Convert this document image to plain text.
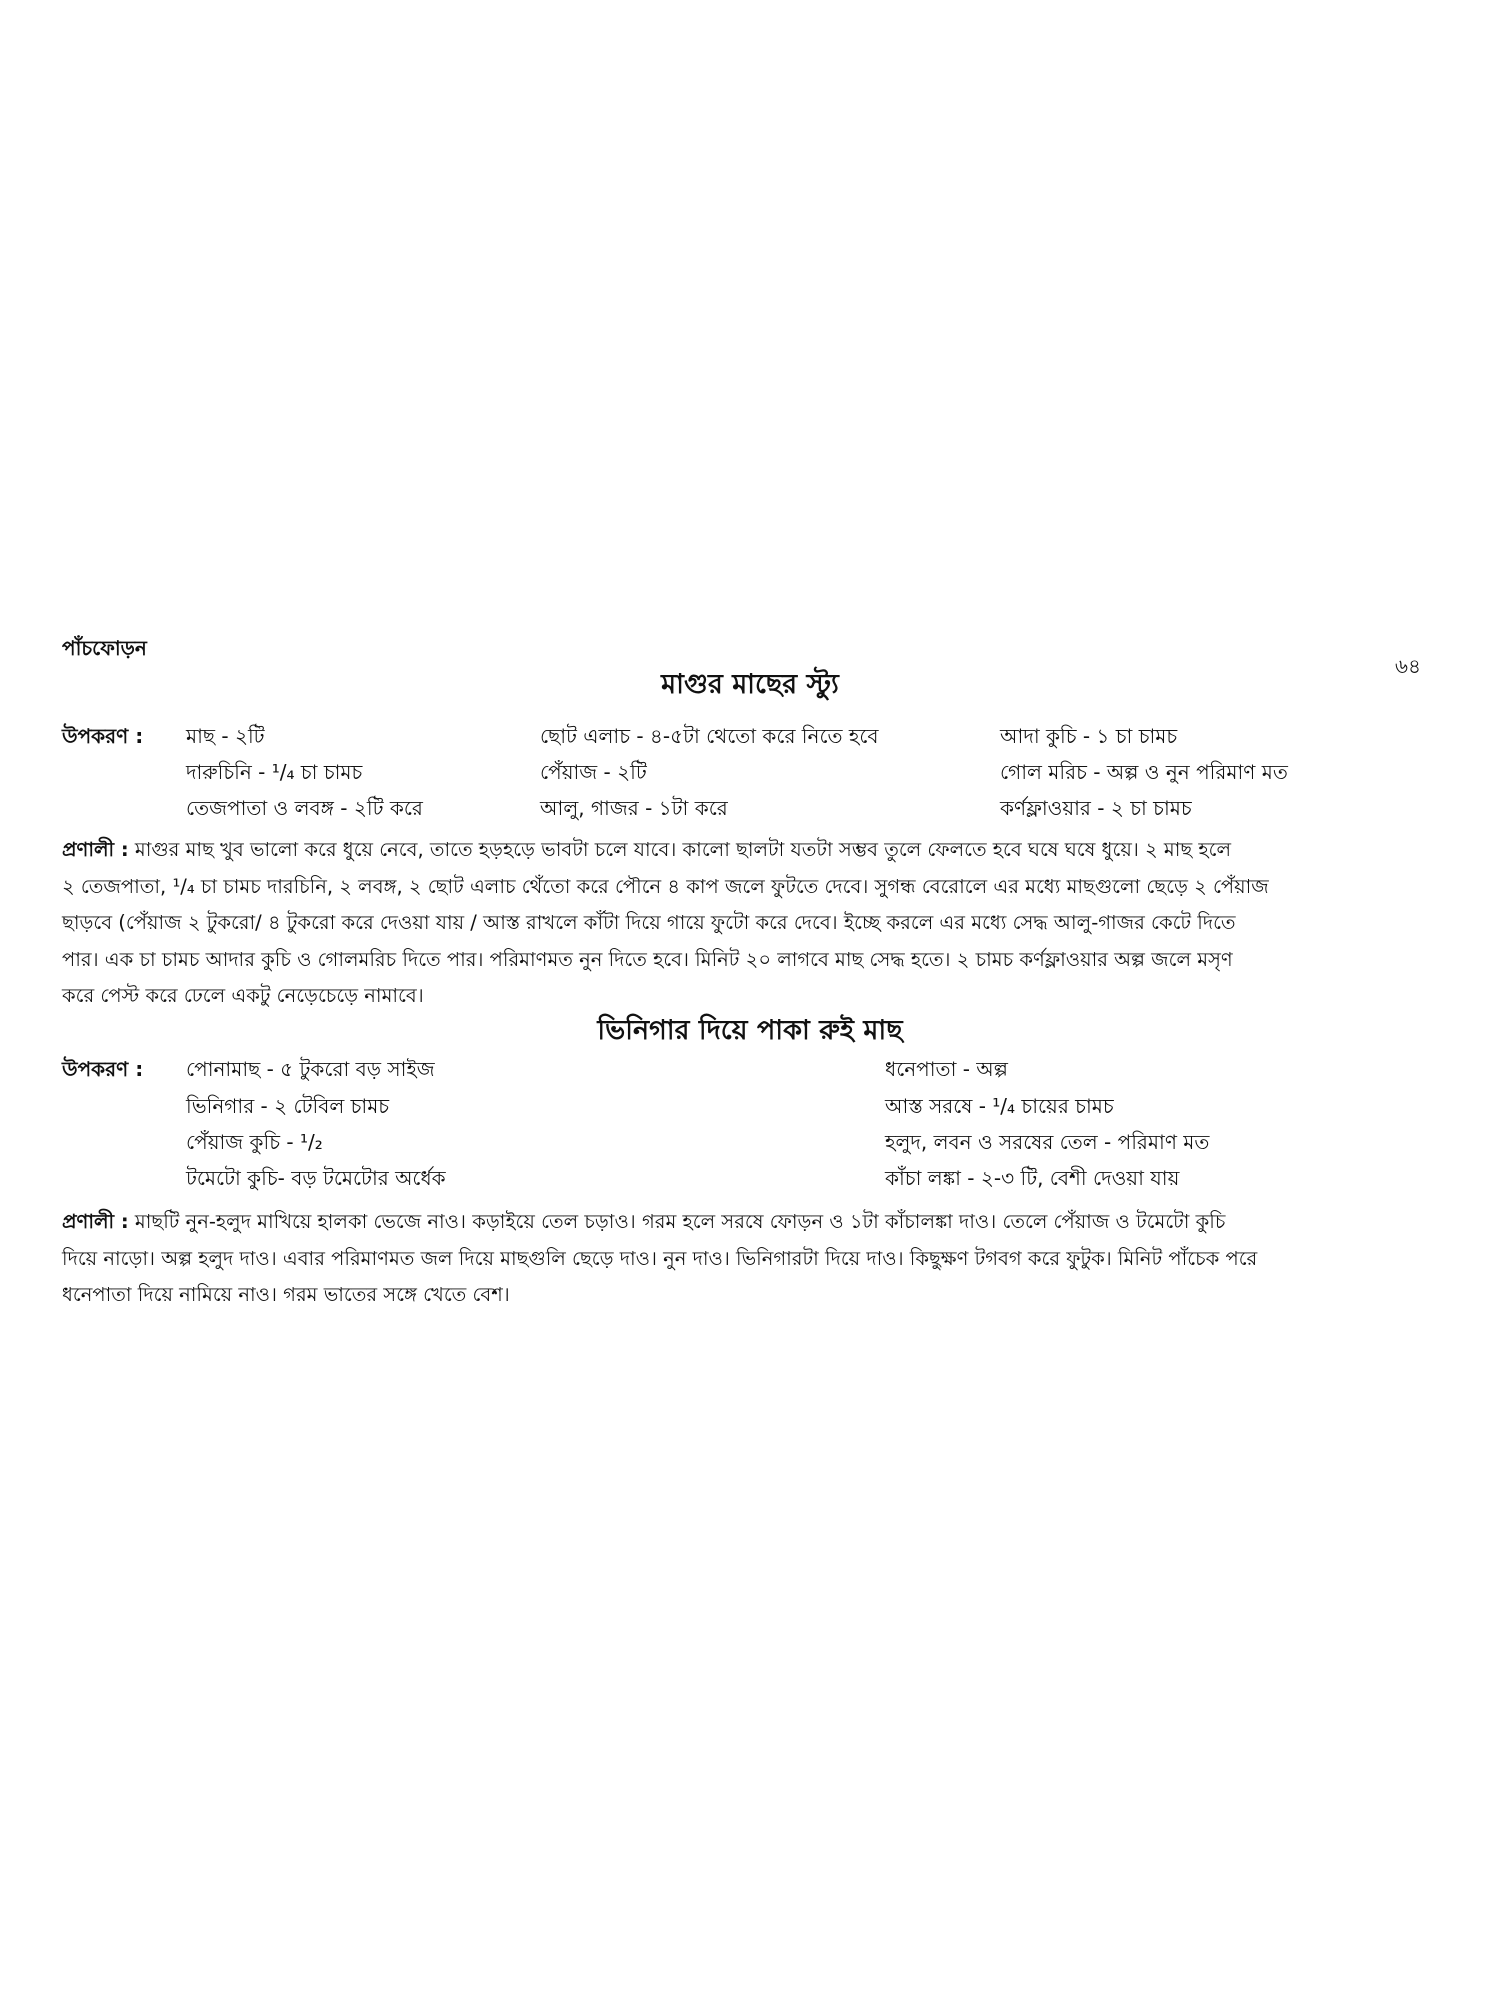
পাঁচফোড়ন
৬৪
মাগুর মাছের স্ট্যু
উপকরণ : মাছ - ২টি
দারুচিনি - ¹/₄ চা চামচ
তেজপাতা ও লবঙ্গ - ২টি করে
ছোট এলাচ - ৪-৫টা থেতো করে নিতে হবে
পেঁয়াজ - ২টি
আলু, গাজর - ১টা করে
আদা কুচি - ১ চা চামচ
গোল মরিচ - অল্প ও নুন পরিমাণ মত
কর্ণফ্লাওয়ার - ২ চা চামচ
প্রণালী : মাগুর মাছ খুব ভালো করে ধুয়ে নেবে, তাতে হড়হড়ে ভাবটা চলে যাবে। কালো ছালটা যতটা সম্ভব তুলে ফেলতে হবে ঘষে ঘষে ধুয়ে। ২ মাছ হলে
২ তেজপাতা, ¹/₄ চা চামচ দারচিনি, ২ লবঙ্গ, ২ ছোট এলাচ থেঁতো করে পৌনে ৪ কাপ জলে ফুটতে দেবে। সুগন্ধ বেরোলে এর মধ্যে মাছগুলো ছেড়ে ২ পেঁয়াজ
ছাড়বে (পেঁয়াজ ২ টুকরো/ ৪ টুকরো করে দেওয়া যায় / আস্ত রাখলে কাঁটা দিয়ে গায়ে ফুটো করে দেবে। ইচ্ছে করলে এর মধ্যে সেদ্ধ আলু-গাজর কেটে দিতে
পার। এক চা চামচ আদার কুচি ও গোলমরিচ দিতে পার। পরিমাণমত নুন দিতে হবে। মিনিট ২০ লাগবে মাছ সেদ্ধ হতে। ২ চামচ কর্ণফ্লাওয়ার অল্প জলে মসৃণ
করে পেস্ট করে ঢেলে একটু নেড়েচেড়ে নামাবে।
ভিনিগার দিয়ে পাকা রুই মাছ
উপকরণ : পোনামাছ - ৫ টুকরো বড় সাইজ
ভিনিগার - ২ টেবিল চামচ
পেঁয়াজ কুচি - ¹/₂
টমেটো কুচি- বড় টমেটোর অর্ধেক
ধনেপাতা - অল্প
আস্ত সরষে - ¹/₄ চায়ের চামচ
হলুদ, লবন ও সরষের তেল - পরিমাণ মত
কাঁচা লঙ্কা - ২-৩ টি, বেশী দেওয়া যায়
প্রণালী : মাছটি নুন-হলুদ মাখিয়ে হালকা ভেজে নাও। কড়াইয়ে তেল চড়াও। গরম হলে সরষে ফোড়ন ও ১টা কাঁচালঙ্কা দাও। তেলে পেঁয়াজ ও টমেটো কুচি
দিয়ে নাড়ো। অল্প হলুদ দাও। এবার পরিমাণমত জল দিয়ে মাছগুলি ছেড়ে দাও। নুন দাও। ভিনিগারটা দিয়ে দাও। কিছুক্ষণ টগবগ করে ফুটুক। মিনিট পাঁচেক পরে
ধনেপাতা দিয়ে নামিয়ে নাও। গরম ভাতের সঙ্গে খেতে বেশ।
